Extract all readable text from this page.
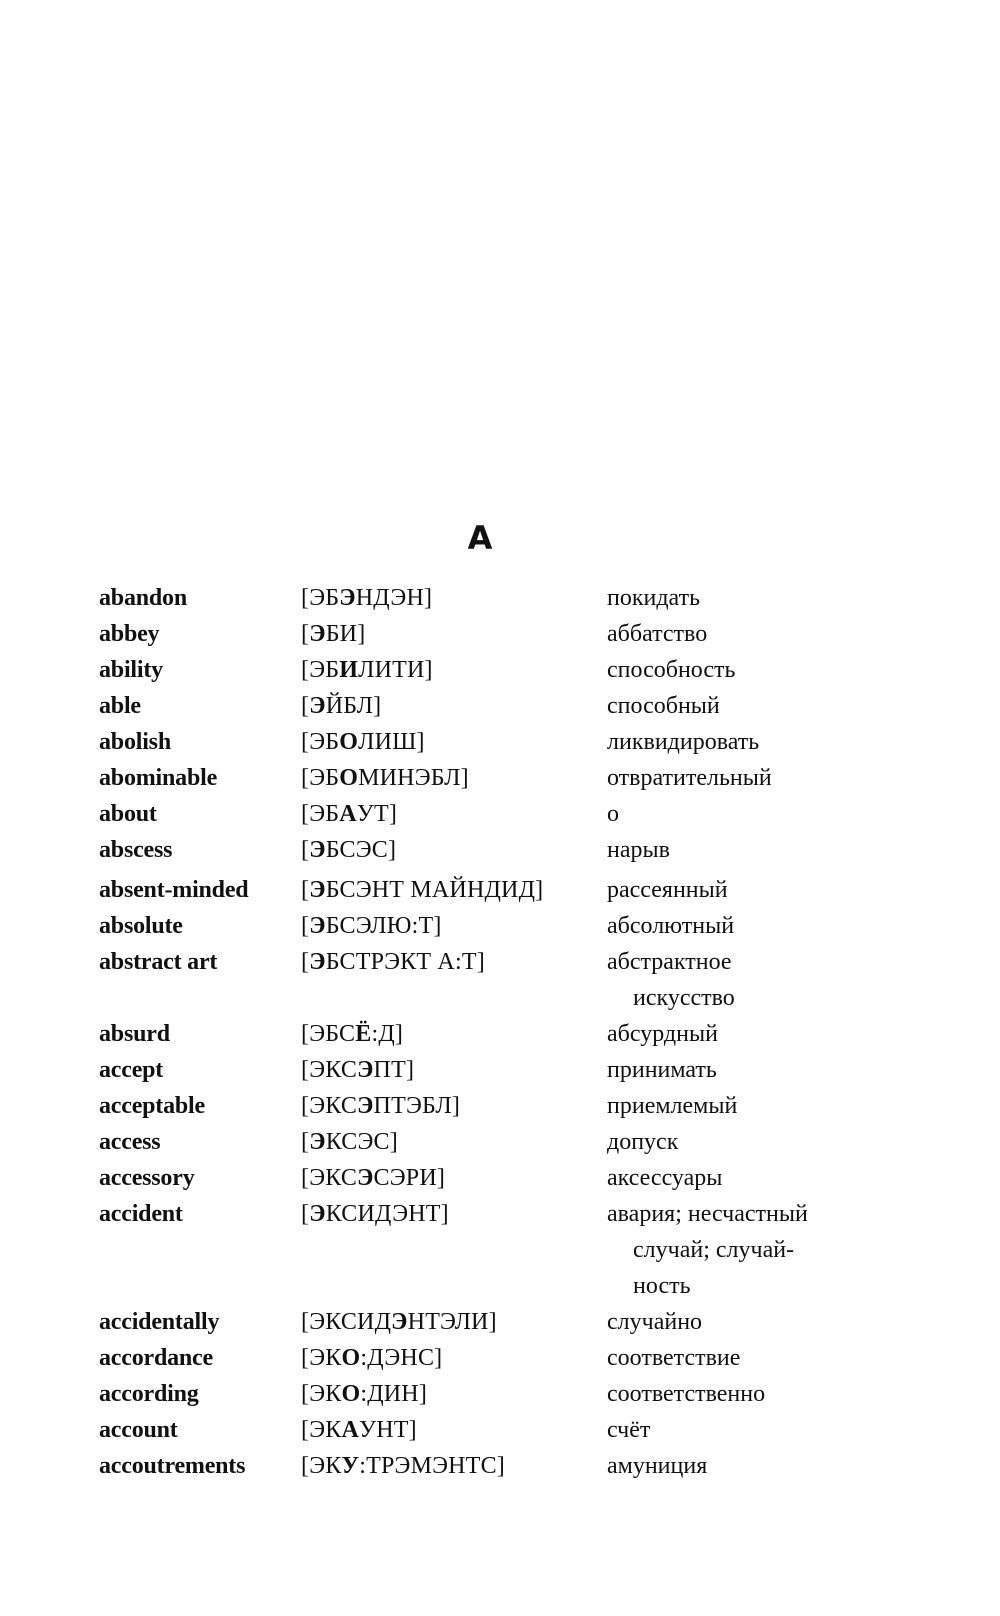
A
abandon	[ЭБЭНДЭН]	покидать
abbey	[ЭБИ]	аббатство
ability	[ЭБИЛИТИ]	способность
able	[ЭЙБЛ]	способный
abolish	[ЭБОЛИШ]	ликвидировать
abominable	[ЭБОМИНЭБЛ]	отвратительный
about	[ЭБАУТ]	о
abscess	[ЭБСЭС]	нарыв
absent-minded	[ЭБСЭНТ МАЙНДИД]	рассеянный
absolute	[ЭБСЭЛЮ:Т]	абсолютный
abstract art	[ЭБСТРЭКТ А:Т]	абстрактное
искусство
absurd	[ЭБСЁ:Д]	абсурдный
accept	[ЭКСЭПТ]	принимать
acceptable	[ЭКСЭПТЭБЛ]	приемлемый
access	[ЭКСЭС]	допуск
accessory	[ЭКСЭСЭРИ]	аксессуары
accident	[ЭКСИДЭНТ]	авария; несчастный
случай; случай-
ность
accidentally	[ЭКСИДЭНТЭЛИ]	случайно
accordance	[ЭКО:ДЭНС]	соответствие
according	[ЭКО:ДИН]	соответственно
account	[ЭКАУНТ]	счёт
accoutrements	[ЭКУ:ТРЭМЭНТС]	амуниция
